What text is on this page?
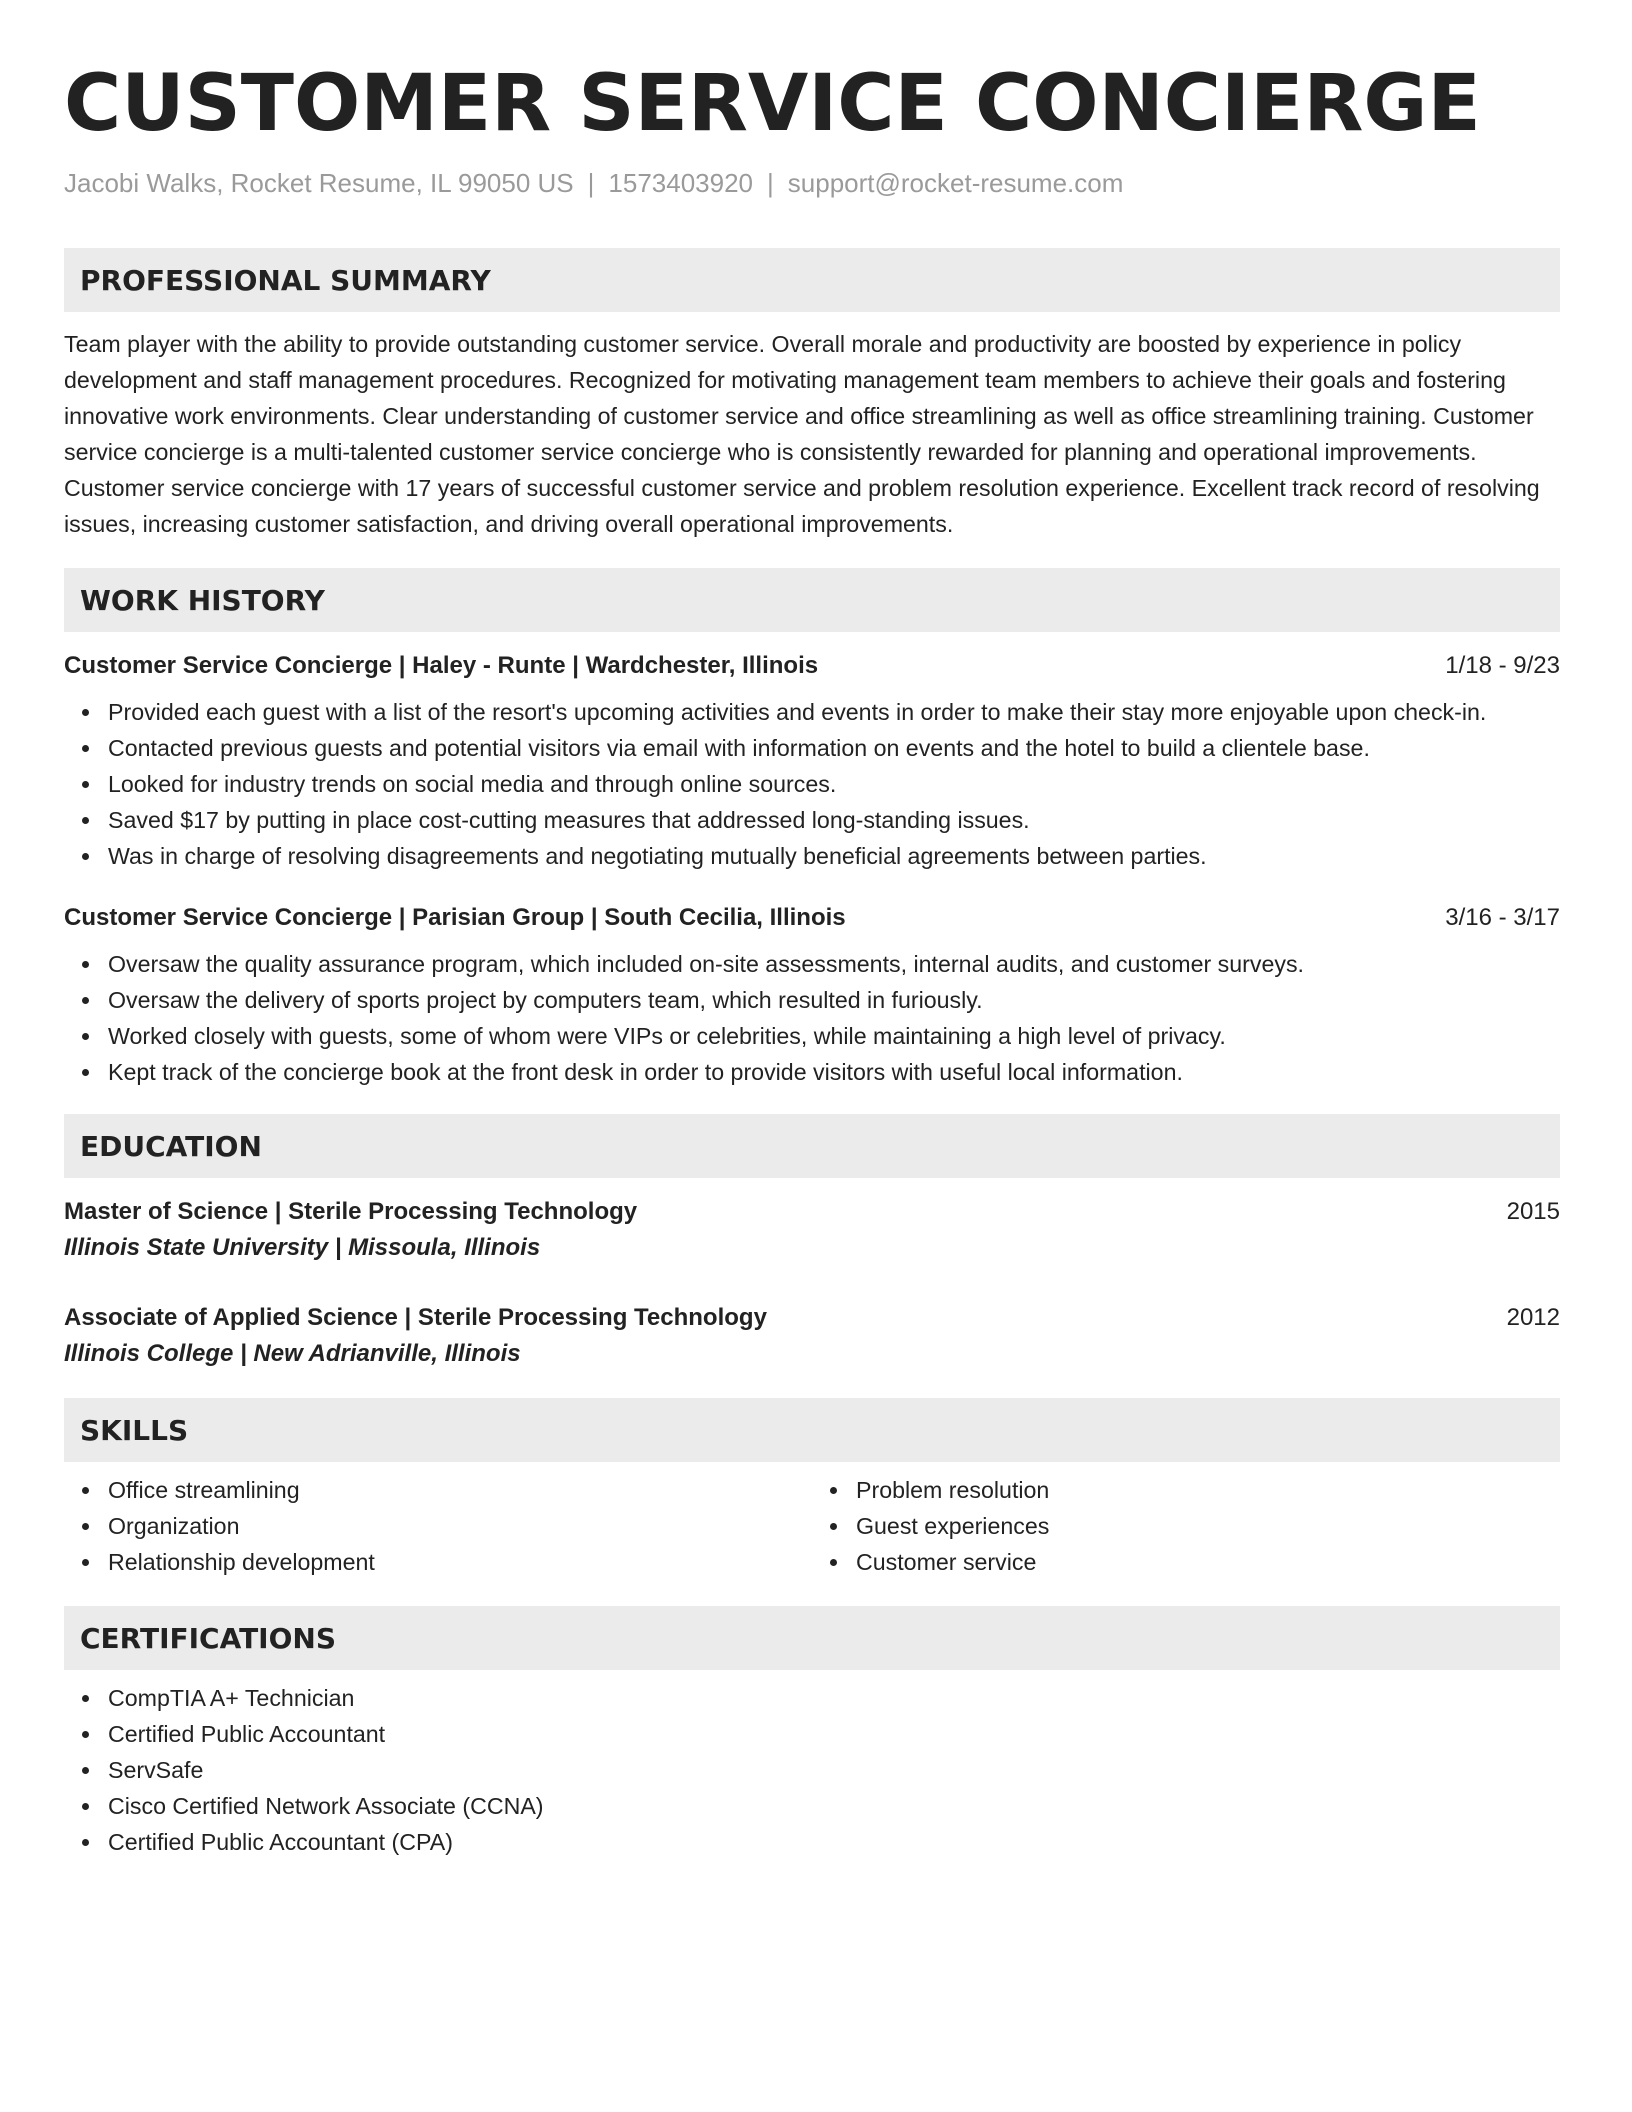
CUSTOMER SERVICE CONCIERGE
Jacobi Walks, Rocket Resume, IL 99050 US | 1573403920 | support@rocket-resume.com
PROFESSIONAL SUMMARY

Team player with the ability to provide outstanding customer service. Overall morale and productivity are boosted by experience in policy development and staff management procedures. Recognized for motivating management team members to achieve their goals and fostering innovative work environments. Clear understanding of customer service and office streamlining as well as office streamlining training. Customer service concierge is a multi-talented customer service concierge who is consistently rewarded for planning and operational improvements. Customer service concierge with 17 years of successful customer service and problem resolution experience. Excellent track record of resolving issues, increasing customer satisfaction, and driving overall operational improvements.

WORK HISTORY
Customer Service Concierge | Haley - Runte | Wardchester, Illinois	1/18 - 9/23
Provided each guest with a list of the resort's upcoming activities and events in order to make their stay more enjoyable upon check-in.
Contacted previous guests and potential visitors via email with information on events and the hotel to build a clientele base.
Looked for industry trends on social media and through online sources.
Saved $17 by putting in place cost-cutting measures that addressed long-standing issues.
Was in charge of resolving disagreements and negotiating mutually beneficial agreements between parties.
Customer Service Concierge | Parisian Group | South Cecilia, Illinois	3/16 - 3/17
Oversaw the quality assurance program, which included on-site assessments, internal audits, and customer surveys.
Oversaw the delivery of sports project by computers team, which resulted in furiously.
Worked closely with guests, some of whom were VIPs or celebrities, while maintaining a high level of privacy.
Kept track of the concierge book at the front desk in order to provide visitors with useful local information.
EDUCATION
Master of Science | Sterile Processing Technology	2015
Illinois State University | Missoula, Illinois
Associate of Applied Science | Sterile Processing Technology	2012
Illinois College | New Adrianville, Illinois
SKILLS
Office streamlining
Organization
Relationship development
Problem resolution
Guest experiences
Customer service
CERTIFICATIONS
CompTIA A+ Technician
Certified Public Accountant
ServSafe
Cisco Certified Network Associate (CCNA)
Certified Public Accountant (CPA)
